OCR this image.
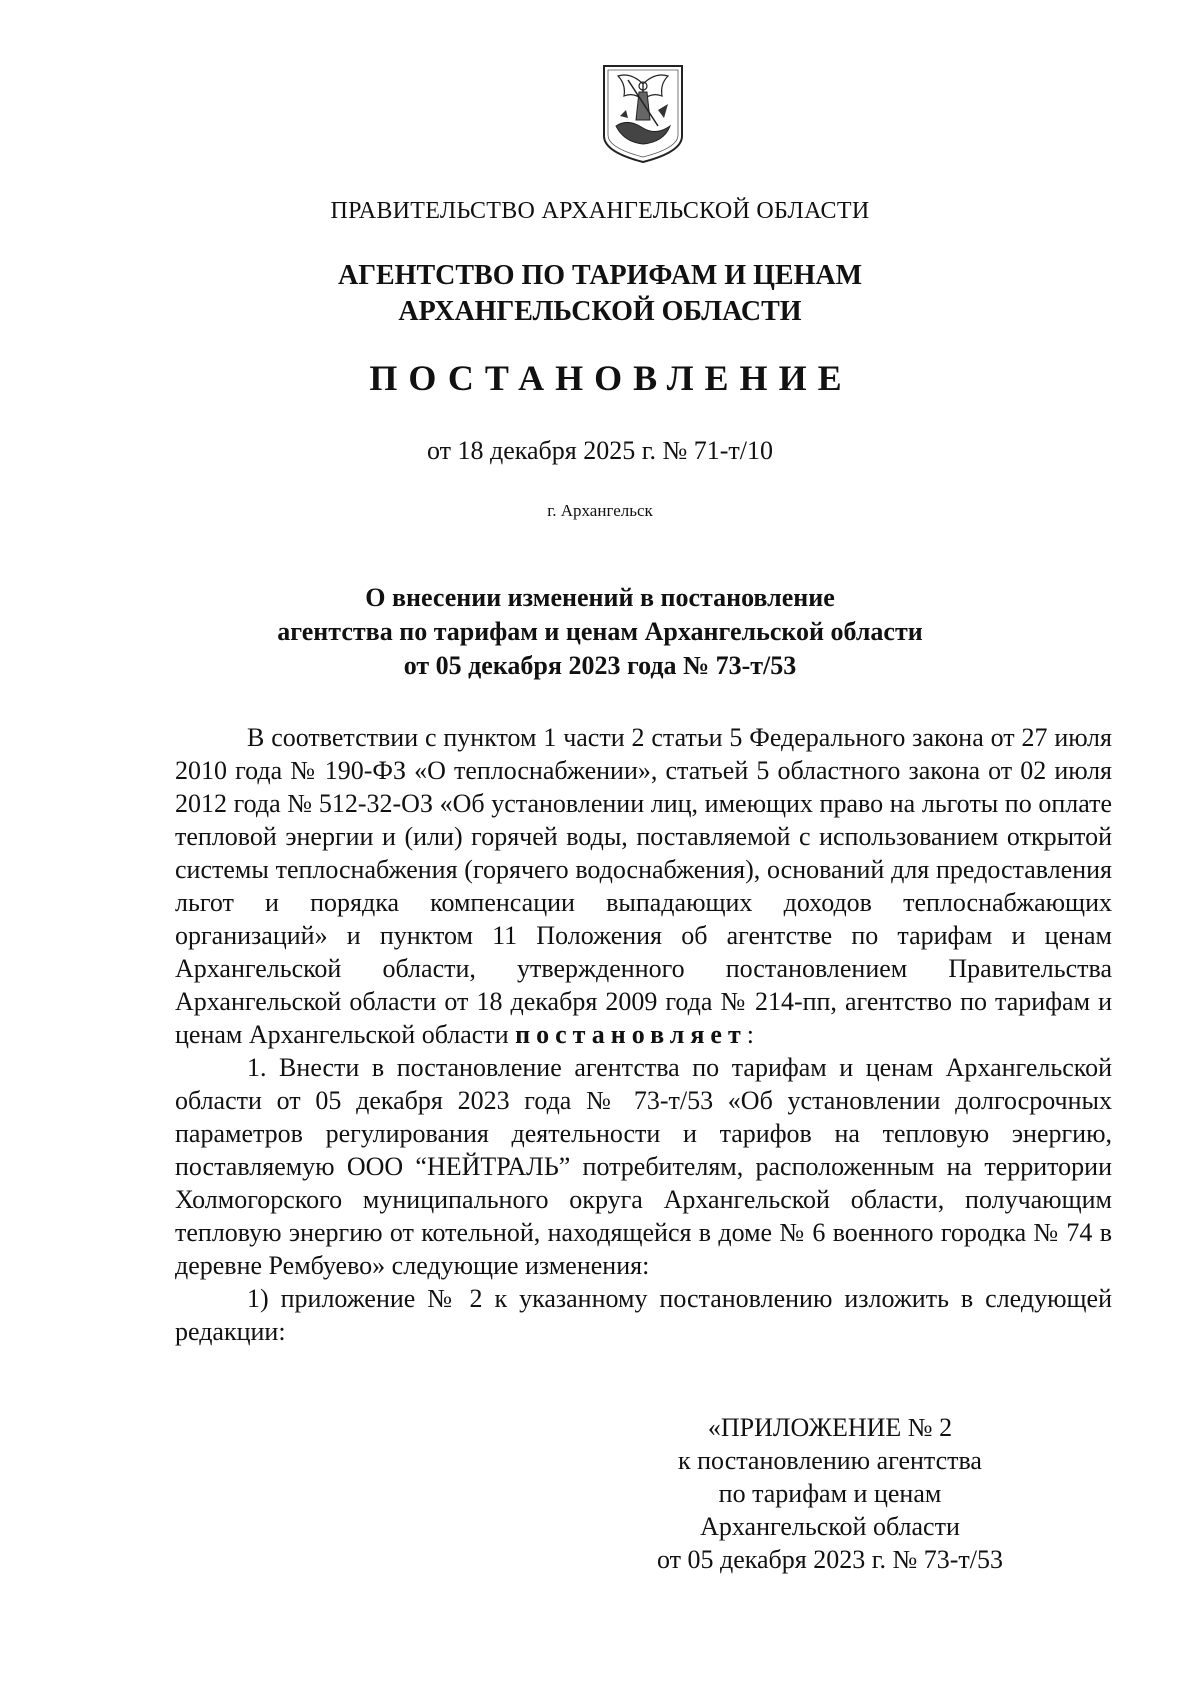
ПРАВИТЕЛЬСТВО АРХАНГЕЛЬСКОЙ ОБЛАСТИ
АГЕНТСТВО ПО ТАРИФАМ И ЦЕНАМ
АРХАНГЕЛЬСКОЙ ОБЛАСТИ
ПОСТАНОВЛЕНИЕ
от 18 декабря 2025 г. № 71-т/10
г. Архангельск
О внесении изменений в постановление
агентства по тарифам и ценам Архангельской области
от 05 декабря 2023 года № 73-т/53

В соответствии с пунктом 1 части 2 статьи 5 Федерального закона от 27 июля 2010 года № 190-ФЗ «О теплоснабжении», статьей 5 областного закона от 02 июля 2012 года № 512-32-ОЗ «Об установлении лиц, имеющих право на льготы по оплате тепловой энергии и (или) горячей воды, поставляемой с использованием открытой системы теплоснабжения (горячего водоснабжения), оснований для предоставления льгот и порядка компенсации выпадающих доходов теплоснабжающих организаций» и пунктом 11 Положения об агентстве по тарифам и ценам Архангельской области, утвержденного постановлением Правительства Архангельской области от 18 декабря 2009 года № 214-пп, агентство по тарифам и ценам Архангельской области постановляет:

1. Внести в постановление агентства по тарифам и ценам Архангельской области от 05 декабря 2023 года № 73-т/53 «Об установлении долгосрочных параметров регулирования деятельности и тарифов на тепловую энергию, поставляемую ООО “НЕЙТРАЛЬ” потребителям, расположенным на территории Холмогорского муниципального округа Архангельской области, получающим тепловую энергию от котельной, находящейся в доме № 6 военного городка № 74 в деревне Рембуево» следующие изменения:

1) приложение № 2 к указанному постановлению изложить в следующей редакции:

«ПРИЛОЖЕНИЕ № 2
к постановлению агентства
по тарифам и ценам
Архангельской области
от 05 декабря 2023 г. № 73-т/53
